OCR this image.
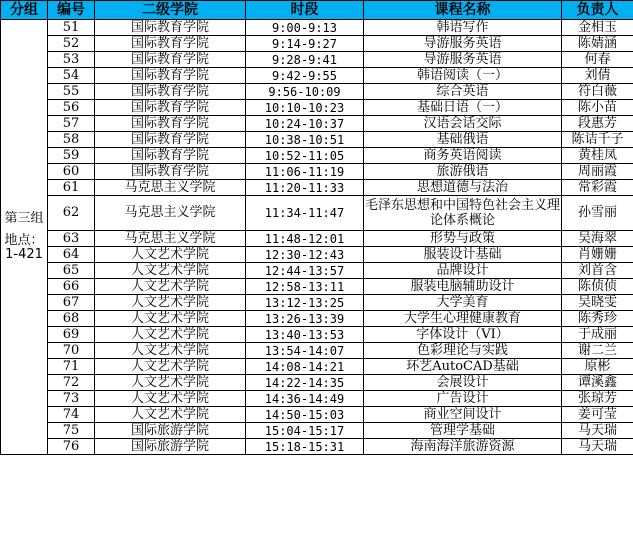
分组	编号	二级学院	时段	课程名称	负责人

第三组
地点：
1-421	51	国际教育学院	9:00-9:13	韩语写作	金相玉
	52	国际教育学院	9:14-9:27	导游服务英语	陈婧涵
	53	国际教育学院	9:28-9:41	导游服务英语	何春
	54	国际教育学院	9:42-9:55	韩语阅读（一）	刘倩
	55	国际教育学院	9:56-10:09	综合英语	符白薇
	56	国际教育学院	10:10-10:23	基础日语（一）	陈小苗
	57	国际教育学院	10:24-10:37	汉语会话交际	段惠芳
	58	国际教育学院	10:38-10:51	基础俄语	陈诘千子
	59	国际教育学院	10:52-11:05	商务英语阅读	黄桂凤
	60	国际教育学院	11:06-11:19	旅游俄语	周丽霞
	61	马克思主义学院	11:20-11:33	思想道德与法治	常彩霞
	62	马克思主义学院	11:34-11:47	毛泽东思想和中国特色社会主义理论体系概论	孙雪丽
	63	马克思主义学院	11:48-12:01	形势与政策	吴海翠
	64	人文艺术学院	12:30-12:43	服装设计基础	肖姗姗
	65	人文艺术学院	12:44-13:57	品牌设计	刘首含
	66	人文艺术学院	12:58-13:11	服装电脑辅助设计	陈侦侦
	67	人文艺术学院	13:12-13:25	大学美育	吴晓雯
	68	人文艺术学院	13:26-13:39	大学生心理健康教育	陈秀珍
	69	人文艺术学院	13:40-13:53	字体设计（VI）	于成丽
	70	人文艺术学院	13:54-14:07	色彩理论与实践	谢二兰
	71	人文艺术学院	14:08-14:21	环艺AutoCAD基础	原彬
	72	人文艺术学院	14:22-14:35	会展设计	谭溪鑫
	73	人文艺术学院	14:36-14:49	广告设计	张琼芳
	74	人文艺术学院	14:50-15:03	商业空间设计	姜可莹
	75	国际旅游学院	15:04-15:17	管理学基础	马天瑞
	76	国际旅游学院	15:18-15:31	海南海洋旅游资源	马天瑞
